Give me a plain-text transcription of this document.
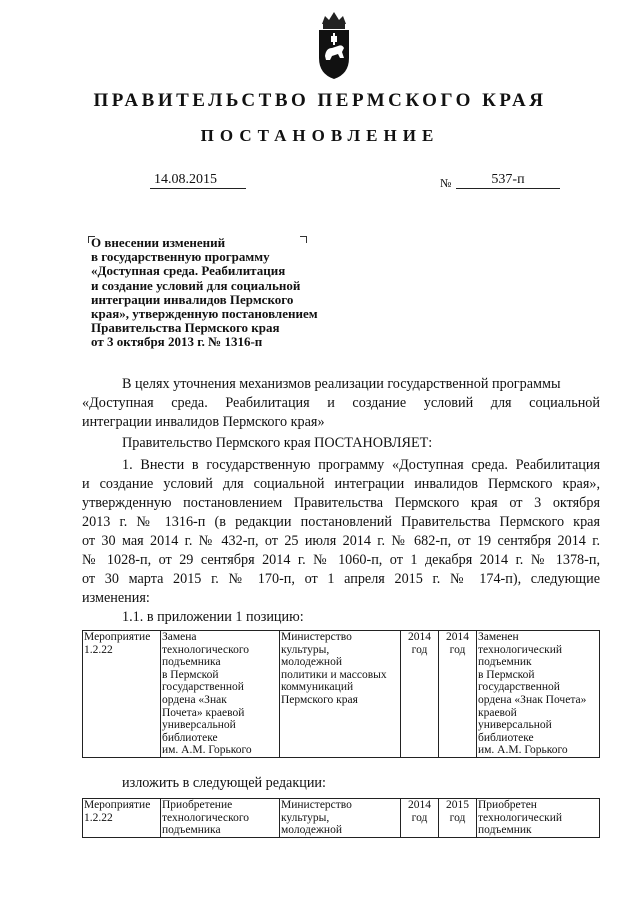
ПРАВИТЕЛЬСТВО ПЕРМСКОГО КРАЯ
ПОСТАНОВЛЕНИЕ
14.08.2015	№	537-п
О внесении изменений
в государственную программу
«Доступная среда. Реабилитация
и создание условий для социальной
интеграции инвалидов Пермского
края», утвержденную постановлением
Правительства Пермского края
от 3 октября 2013 г. № 1316-п
В целях уточнения механизмов реализации государственной программы
«Доступная среда. Реабилитация и создание условий для социальной
интеграции инвалидов Пермского края»
Правительство Пермского края ПОСТАНОВЛЯЕТ:
1. Внести в государственную программу «Доступная среда. Реабилитация
и создание условий для социальной интеграции инвалидов Пермского края»,
утвержденную постановлением Правительства Пермского края от 3 октября
2013 г. № 1316-п (в редакции постановлений Правительства Пермского края
от 30 мая 2014 г. № 432-п, от 25 июля 2014 г. № 682-п, от 19 сентября 2014 г.
№ 1028-п, от 29 сентября 2014 г. № 1060-п, от 1 декабря 2014 г. № 1378-п,
от 30 марта 2015 г. № 170-п, от 1 апреля 2015 г. № 174-п), следующие
изменения:
1.1. в приложении 1 позицию:
Мероприятие
1.2.22

Замена
технологического
подъемника
в Пермской
государственной
ордена «Знак
Почета» краевой
универсальной
библиотеке
им. А.М. Горького

Министерство
культуры,
молодежной
политики и массовых
коммуникаций
Пермского края

2014
год

2014
год

Заменен
технологический
подъемник
в Пермской
государственной
ордена «Знак Почета»
краевой
универсальной
библиотеке
им. А.М. Горького
изложить в следующей редакции:
Мероприятие
1.2.22

Приобретение
технологического
подъемника

Министерство
культуры,
молодежной

2014
год

2015
год

Приобретен
технологический
подъемник
